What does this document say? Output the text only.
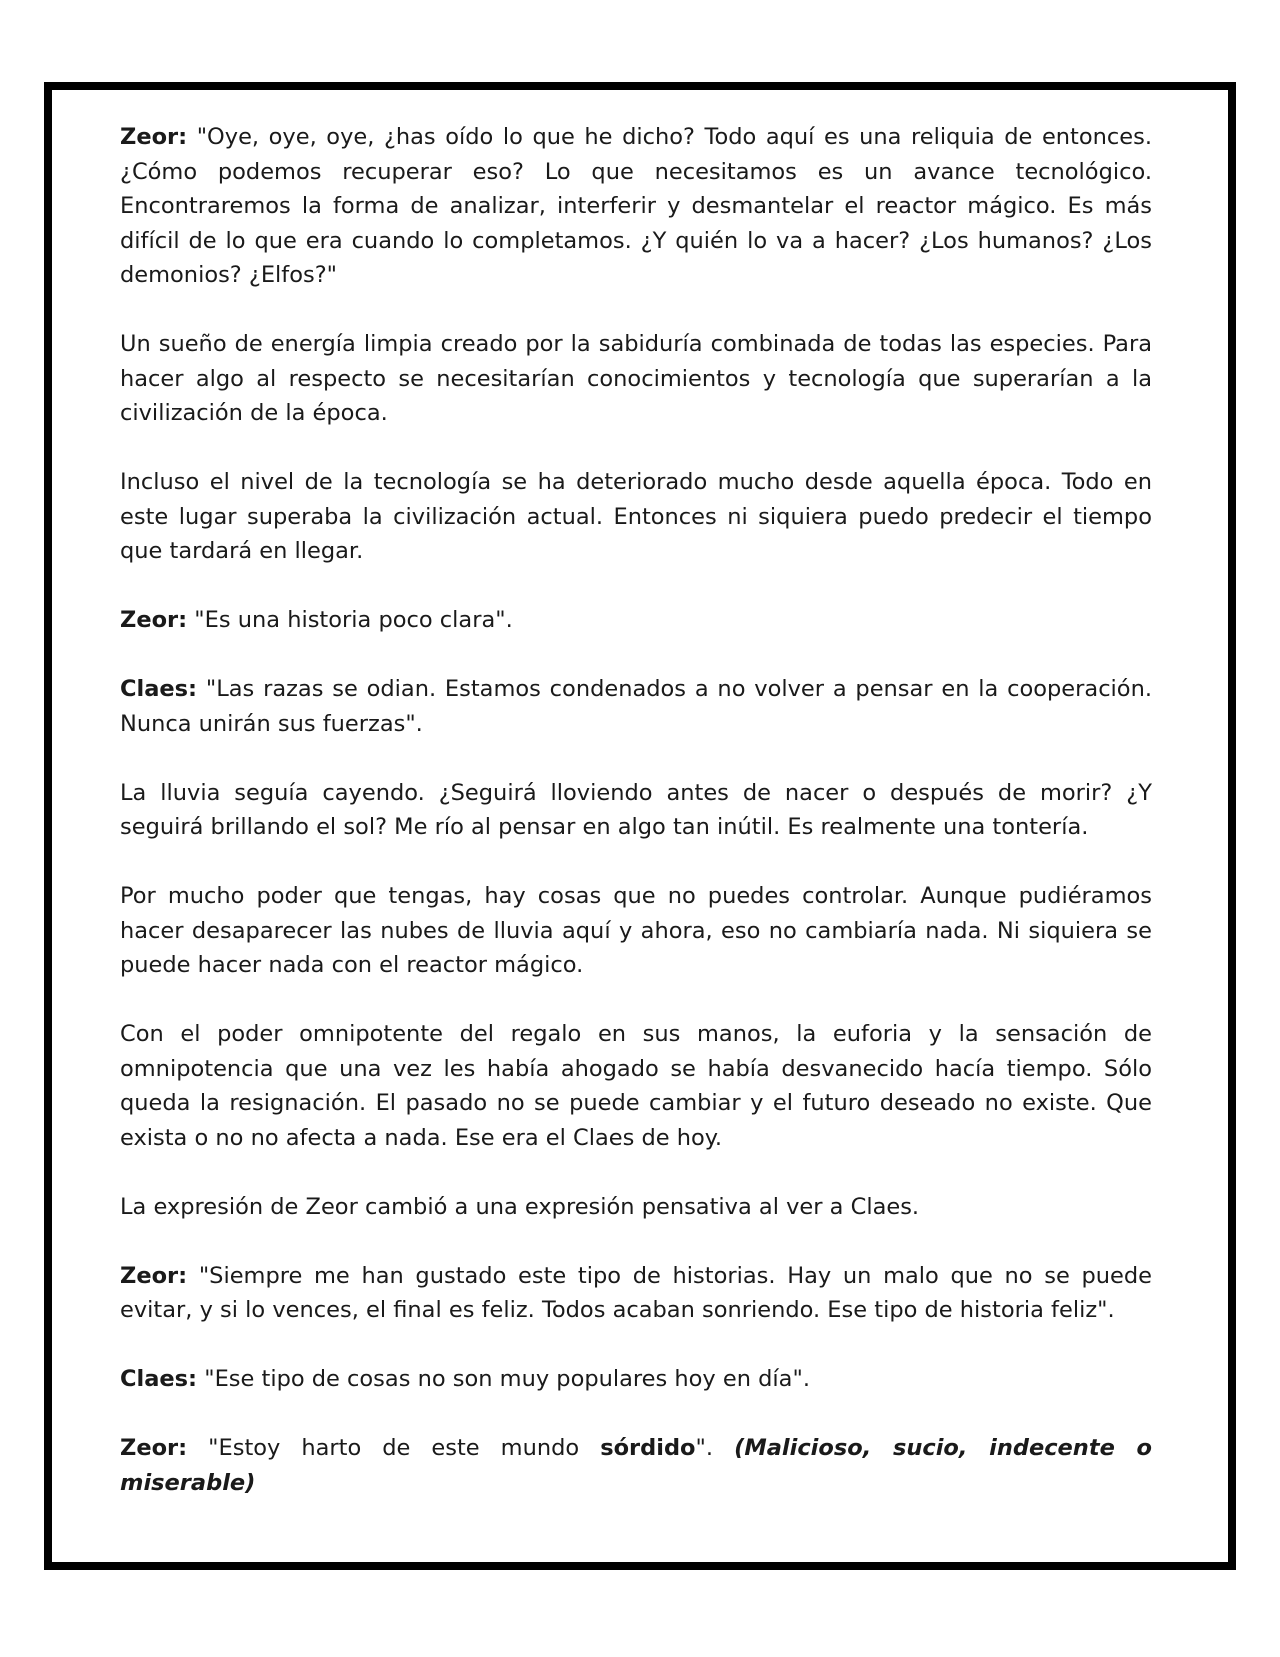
Zeor: "Oye, oye, oye, ¿has oído lo que he dicho? Todo aquí es una reliquia de entonces. ¿Cómo podemos recuperar eso? Lo que necesitamos es un avance tecnológico. Encontraremos la forma de analizar, interferir y desmantelar el reactor mágico. Es más difícil de lo que era cuando lo completamos. ¿Y quién lo va a hacer? ¿Los humanos? ¿Los demonios? ¿Elfos?"

Un sueño de energía limpia creado por la sabiduría combinada de todas las especies. Para hacer algo al respecto se necesitarían conocimientos y tecnología que superarían a la civilización de la época.

Incluso el nivel de la tecnología se ha deteriorado mucho desde aquella época. Todo en este lugar superaba la civilización actual. Entonces ni siquiera puedo predecir el tiempo que tardará en llegar.

Zeor: "Es una historia poco clara".

Claes: "Las razas se odian. Estamos condenados a no volver a pensar en la cooperación. Nunca unirán sus fuerzas".

La lluvia seguía cayendo. ¿Seguirá lloviendo antes de nacer o después de morir? ¿Y seguirá brillando el sol? Me río al pensar en algo tan inútil. Es realmente una tontería.

Por mucho poder que tengas, hay cosas que no puedes controlar. Aunque pudiéramos hacer desaparecer las nubes de lluvia aquí y ahora, eso no cambiaría nada. Ni siquiera se puede hacer nada con el reactor mágico.

Con el poder omnipotente del regalo en sus manos, la euforia y la sensación de omnipotencia que una vez les había ahogado se había desvanecido hacía tiempo. Sólo queda la resignación. El pasado no se puede cambiar y el futuro deseado no existe. Que exista o no no afecta a nada. Ese era el Claes de hoy.

La expresión de Zeor cambió a una expresión pensativa al ver a Claes.

Zeor: "Siempre me han gustado este tipo de historias. Hay un malo que no se puede evitar, y si lo vences, el final es feliz. Todos acaban sonriendo. Ese tipo de historia feliz".

Claes: "Ese tipo de cosas no son muy populares hoy en día".

Zeor: "Estoy harto de este mundo sórdido". (Malicioso, sucio, indecente o miserable)
